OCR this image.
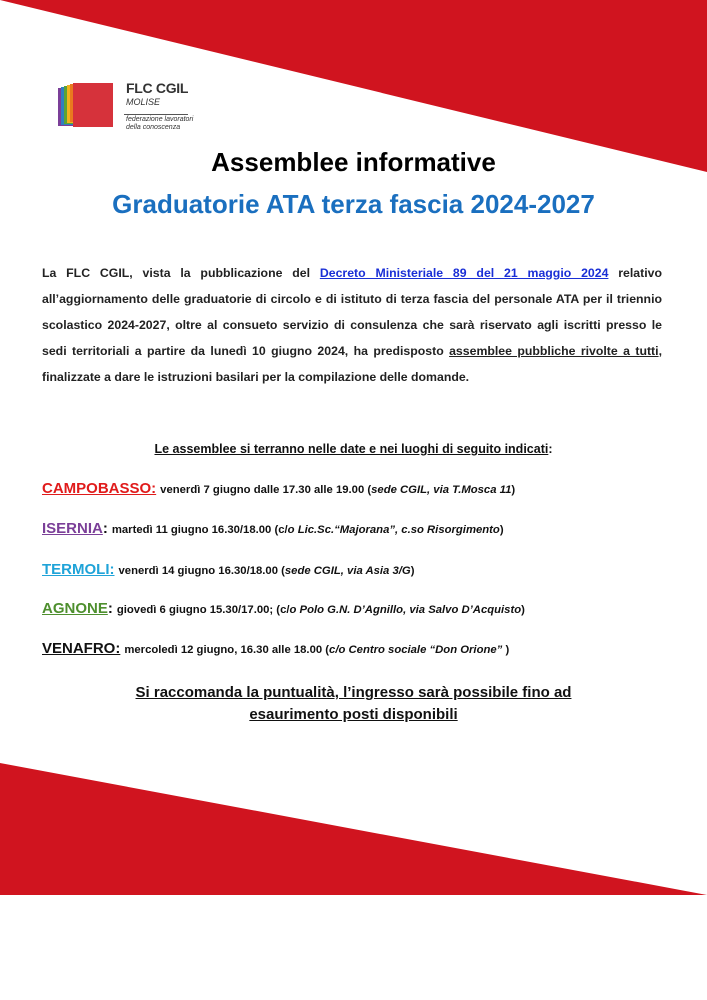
FLC CGIL
MOLISE
federazione lavoratori
della conoscenza
Assemblee informative
Graduatorie ATA terza fascia 2024-2027
La FLC CGIL, vista la pubblicazione del Decreto Ministeriale 89 del 21 maggio 2024 relativo all’aggiornamento delle graduatorie di circolo e di istituto di terza fascia del personale ATA per il triennio scolastico 2024-2027, oltre al consueto servizio di consulenza che sarà riservato agli iscritti presso le sedi territoriali a partire da lunedì 10 giugno 2024, ha predisposto assemblee pubbliche rivolte a tutti, finalizzate a dare le istruzioni basilari per la compilazione delle domande.
Le assemblee si terranno nelle date e nei luoghi di seguito indicati:
CAMPOBASSO: venerdì 7 giugno dalle 17.30 alle 19.00 (sede CGIL, via T.Mosca 11)
ISERNIA: martedì 11 giugno 16.30/18.00 (c/o Lic.Sc.“Majorana”, c.so Risorgimento)
TERMOLI: venerdì 14 giugno 16.30/18.00 (sede CGIL, via Asia 3/G)
AGNONE: giovedì 6 giugno 15.30/17.00; (c/o Polo G.N. D’Agnillo, via Salvo D’Acquisto)
VENAFRO: mercoledì 12 giugno, 16.30 alle 18.00 (c/o Centro sociale “Don Orione” )
Si raccomanda la puntualità, l’ingresso sarà possibile fino ad
esaurimento posti disponibili
